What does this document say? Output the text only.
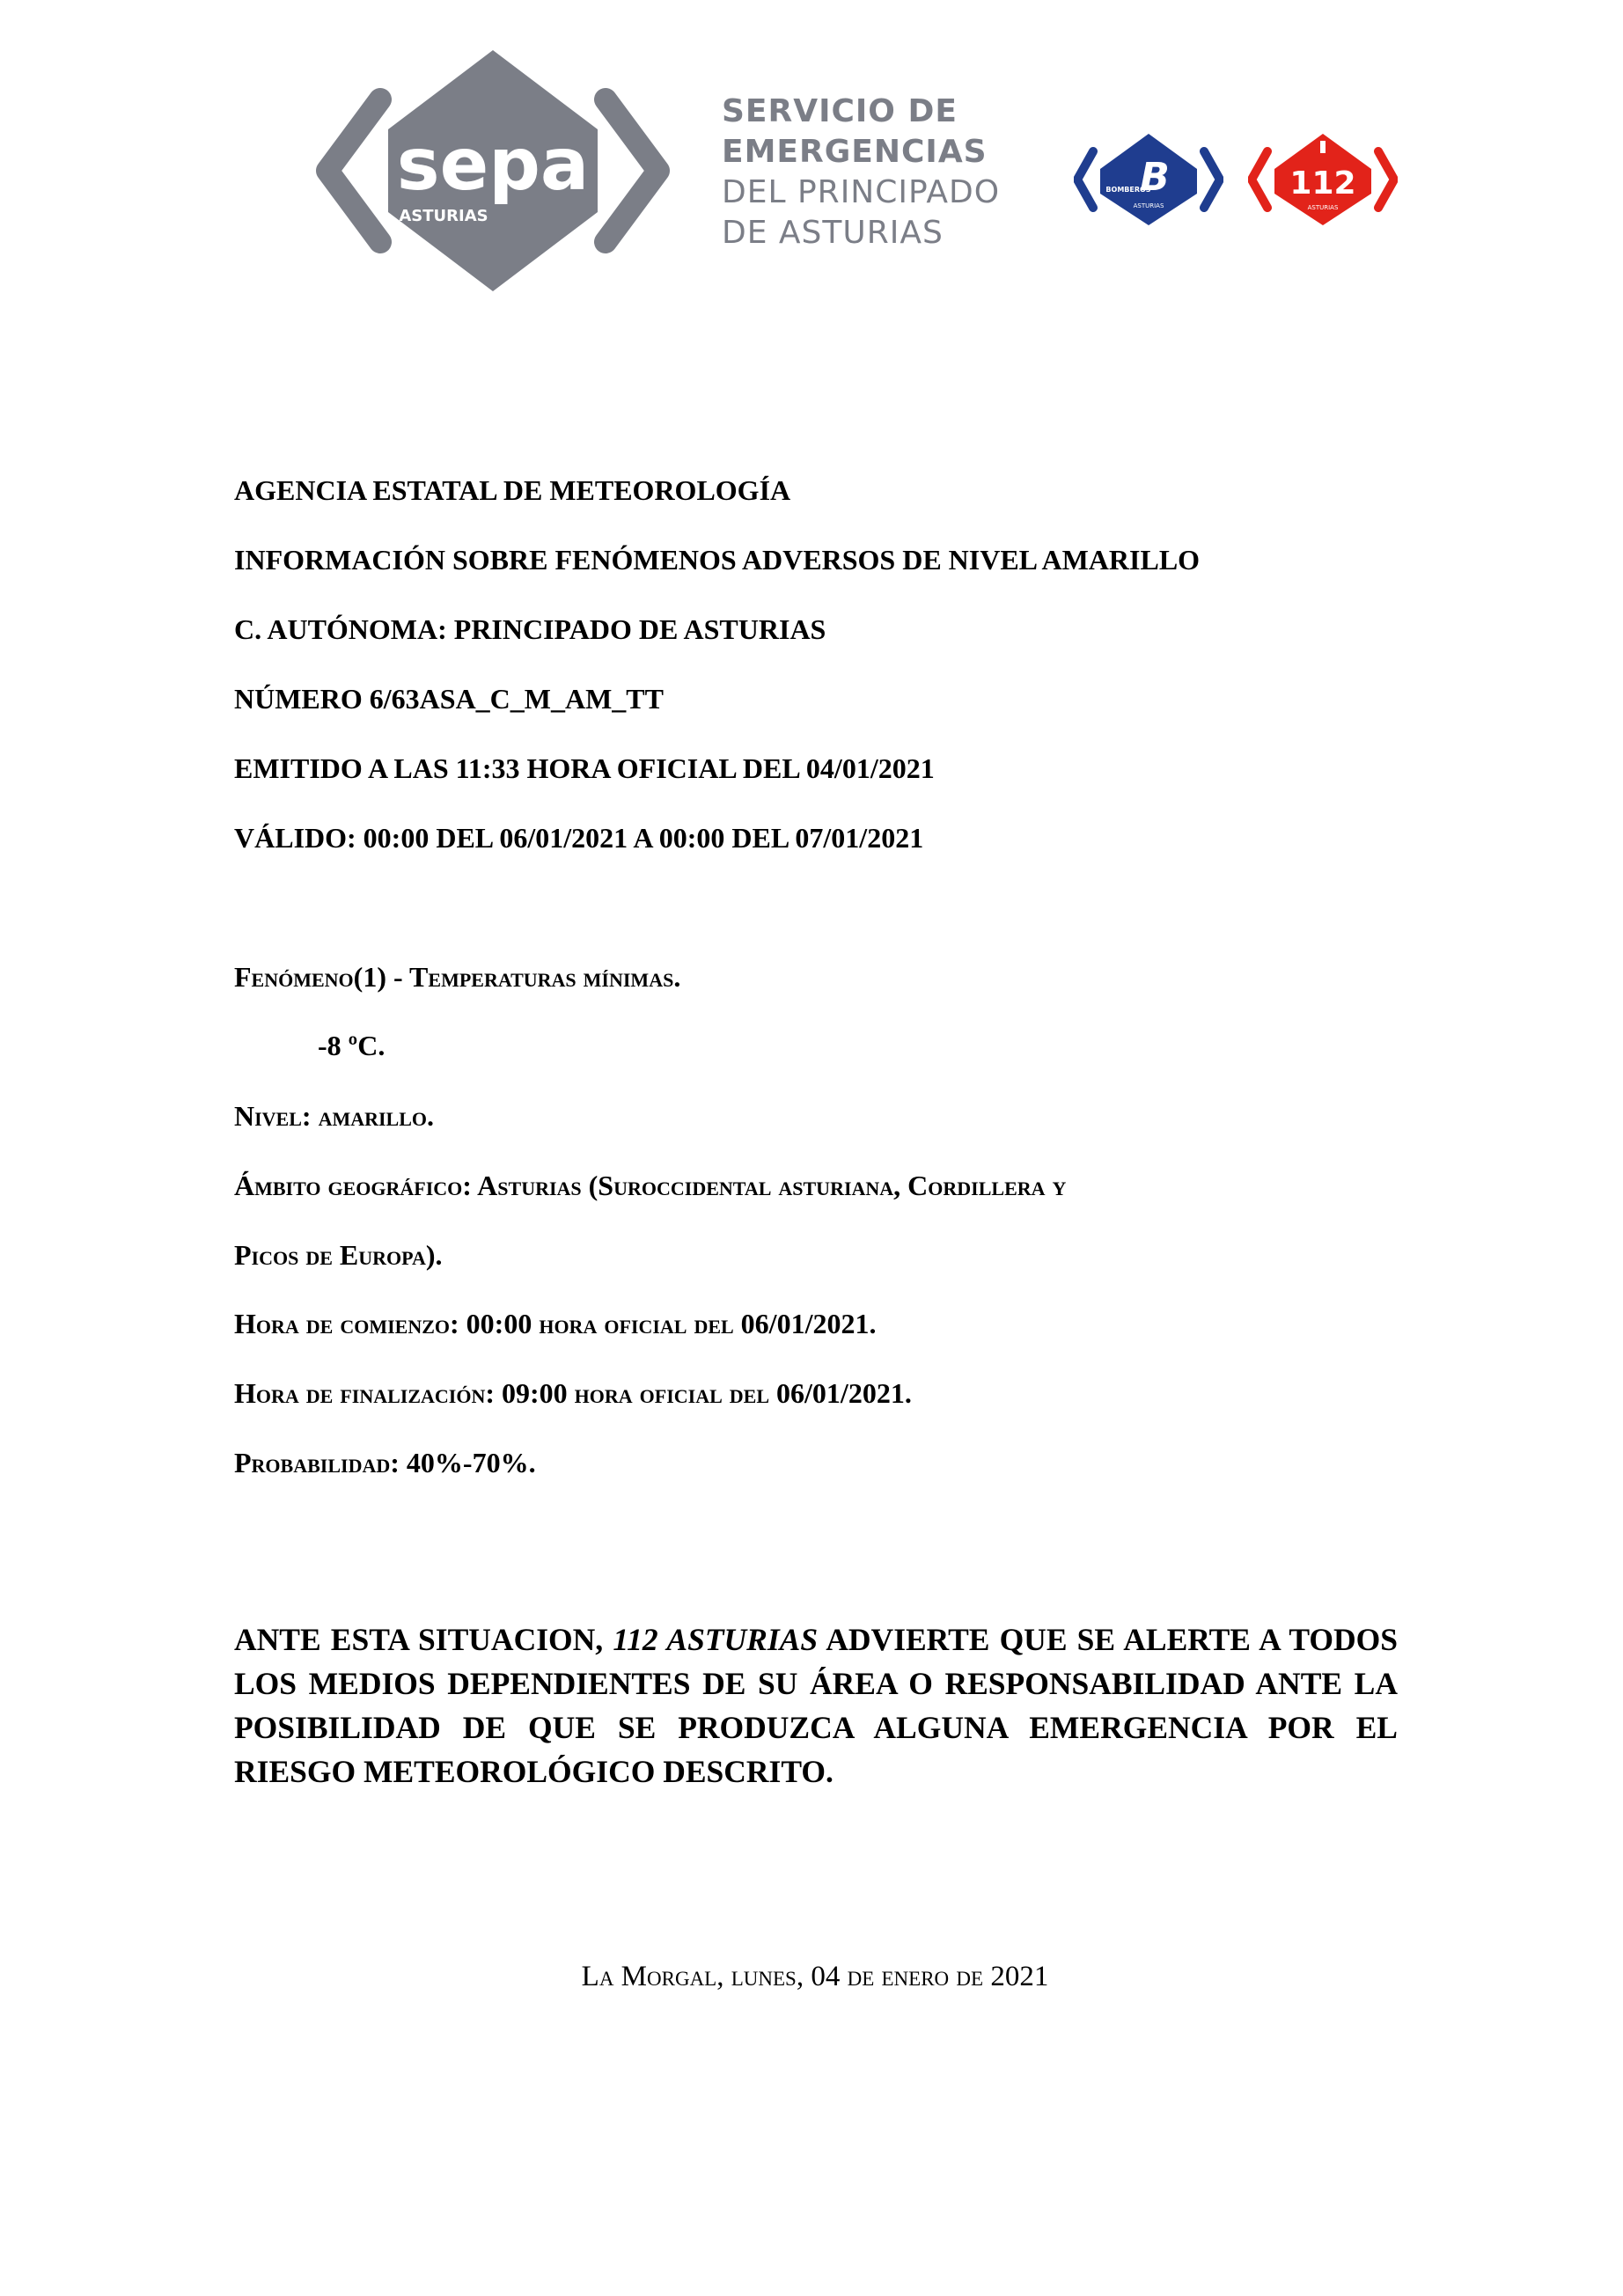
sepa
ASTURIAS
SERVICIO DE
EMERGENCIAS
DEL PRINCIPADO
DE ASTURIAS
B
BOMBEROS
ASTURIAS
112
ASTURIAS
AGENCIA ESTATAL DE METEOROLOGÍA
INFORMACIÓN SOBRE FENÓMENOS ADVERSOS DE NIVEL AMARILLO
C. AUTÓNOMA: PRINCIPADO DE ASTURIAS
NÚMERO 6/63ASA_C_M_AM_TT
EMITIDO A LAS 11:33 HORA OFICIAL DEL 04/01/2021
VÁLIDO: 00:00 DEL 06/01/2021 A 00:00 DEL 07/01/2021
Fenómeno(1) - Temperaturas mínimas.
-8 ºC.
Nivel: amarillo.
Ámbito geográfico: Asturias (Suroccidental asturiana, Cordillera y
Picos de Europa).
Hora de comienzo: 00:00 hora oficial del 06/01/2021.
Hora de finalización: 09:00 hora oficial del 06/01/2021.
Probabilidad: 40%-70%.
ANTE ESTA SITUACION, 112 ASTURIAS ADVIERTE QUE SE ALERTE A TODOS LOS MEDIOS DEPENDIENTES DE SU ÁREA O RESPONSABILIDAD ANTE LA POSIBILIDAD DE QUE SE PRODUZCA ALGUNA EMERGENCIA POR EL RIESGO METEOROLÓGICO DESCRITO.
La Morgal, lunes, 04 de enero de 2021
